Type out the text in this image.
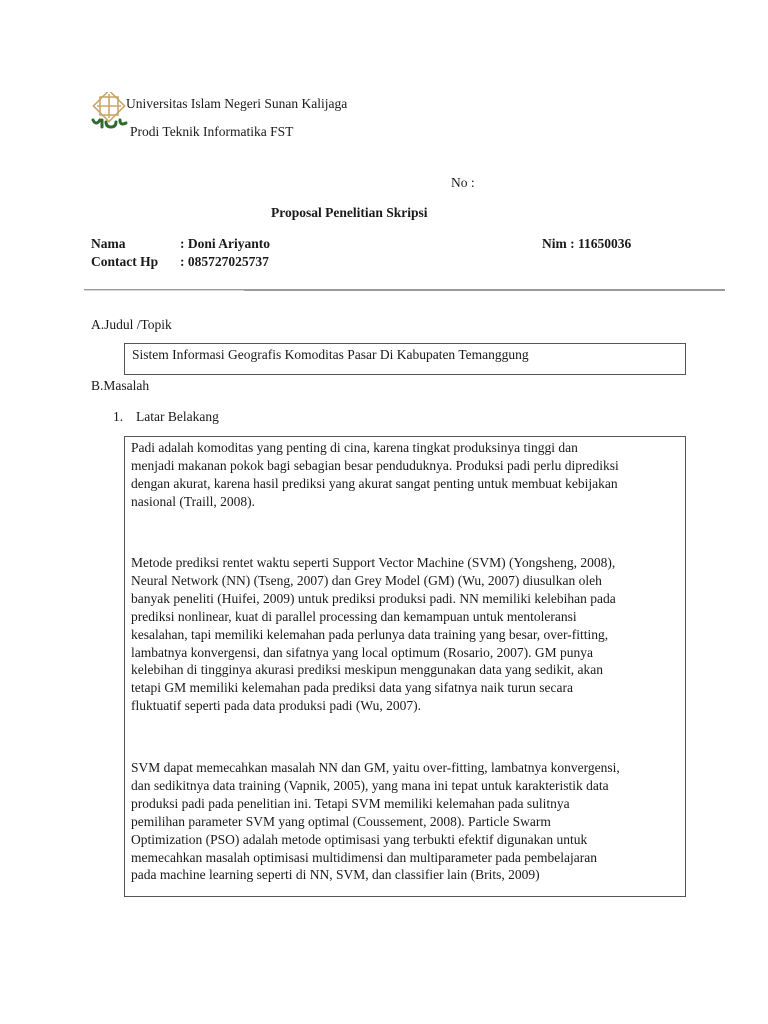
Universitas Islam Negeri Sunan Kalijaga
Prodi Teknik Informatika FST
No :
Proposal Penelitian Skripsi
Nama	: Doni Ariyanto	Nim : 11650036
Contact Hp : 085727025737
A.Judul /Topik
Sistem Informasi Geografis Komoditas Pasar Di Kabupaten Temanggung
B.Masalah
1. Latar Belakang

Padi adalah komoditas yang penting di cina, karena tingkat produksinya tinggi dan
menjadi makanan pokok bagi sebagian besar penduduknya. Produksi padi perlu diprediksi
dengan akurat, karena hasil prediksi yang akurat sangat penting untuk membuat kebijakan
nasional (Traill, 2008).

Metode prediksi rentet waktu seperti Support Vector Machine (SVM) (Yongsheng, 2008),
Neural Network (NN) (Tseng, 2007) dan Grey Model (GM) (Wu, 2007) diusulkan oleh
banyak peneliti (Huifei, 2009) untuk prediksi produksi padi. NN memiliki kelebihan pada
prediksi nonlinear, kuat di parallel processing dan kemampuan untuk mentoleransi
kesalahan, tapi memiliki kelemahan pada perlunya data training yang besar, over-fitting,
lambatnya konvergensi, dan sifatnya yang local optimum (Rosario, 2007). GM punya
kelebihan di tingginya akurasi prediksi meskipun menggunakan data yang sedikit, akan
tetapi GM memiliki kelemahan pada prediksi data yang sifatnya naik turun secara
fluktuatif seperti pada data produksi padi (Wu, 2007).

SVM dapat memecahkan masalah NN dan GM, yaitu over-fitting, lambatnya konvergensi,
dan sedikitnya data training (Vapnik, 2005), yang mana ini tepat untuk karakteristik data
produksi padi pada penelitian ini. Tetapi SVM memiliki kelemahan pada sulitnya
pemilihan parameter SVM yang optimal (Coussement, 2008). Particle Swarm
Optimization (PSO) adalah metode optimisasi yang terbukti efektif digunakan untuk
memecahkan masalah optimisasi multidimensi dan multiparameter pada pembelajaran
pada machine learning seperti di NN, SVM, dan classifier lain (Brits, 2009)
